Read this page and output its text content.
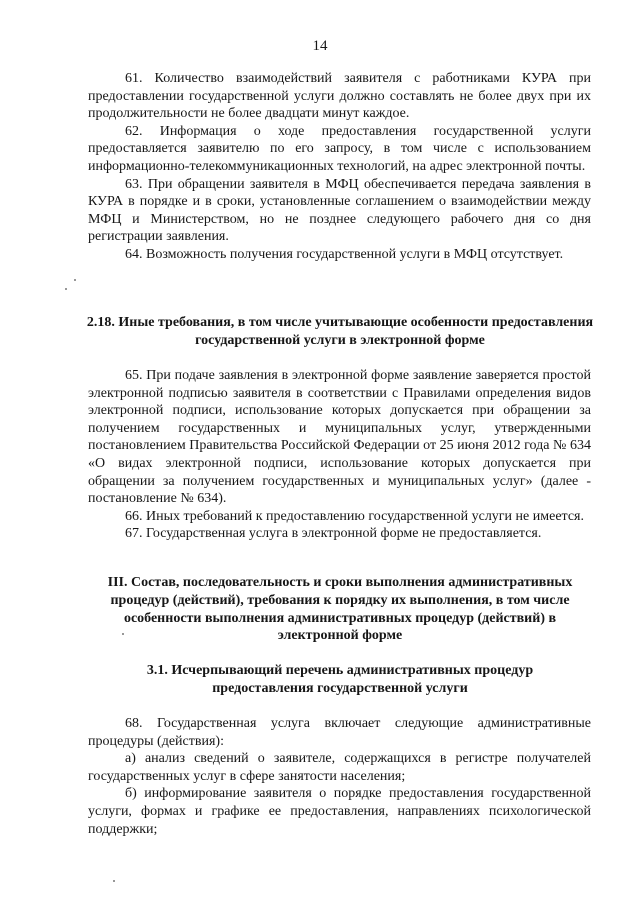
14

61. Количество взаимодействий заявителя с работниками КУРА при предоставлении государственной услуги должно составлять не более двух при их продолжительности не более двадцати минут каждое.

62. Информация о ходе предоставления государственной услуги предоставляется заявителю по его запросу, в том числе с использованием информационно-телекоммуникационных технологий, на адрес электронной почты.

63. При обращении заявителя в МФЦ обеспечивается передача заявления в КУРА в порядке и в сроки, установленные соглашением о взаимодействии между МФЦ и Министерством, но не позднее следующего рабочего дня со дня регистрации заявления.

64. Возможность получения государственной услуги в МФЦ отсутствует.

2.18. Иные требования, в том числе учитывающие особенности предоставления государственной услуги в электронной форме

65. При подаче заявления в электронной форме заявление заверяется простой электронной подписью заявителя в соответствии с Правилами определения видов электронной подписи, использование которых допускается при обращении за получением государственных и муниципальных услуг, утвержденными постановлением Правительства Российской Федерации от 25 июня 2012 года № 634 «О видах электронной подписи, использование которых допускается при обращении за получением государственных и муниципальных услуг» (далее - постановление № 634).

66. Иных требований к предоставлению государственной услуги не имеется.

67. Государственная услуга в электронной форме не предоставляется.

III. Состав, последовательность и сроки выполнения административных процедур (действий), требования к порядку их выполнения, в том числе особенности выполнения административных процедур (действий) в электронной форме

3.1. Исчерпывающий перечень административных процедур предоставления государственной услуги

68. Государственная услуга включает следующие административные процедуры (действия):

а) анализ сведений о заявителе, содержащихся в регистре получателей государственных услуг в сфере занятости населения;

б) информирование заявителя о порядке предоставления государственной услуги, формах и графике ее предоставления, направлениях психологической поддержки;
